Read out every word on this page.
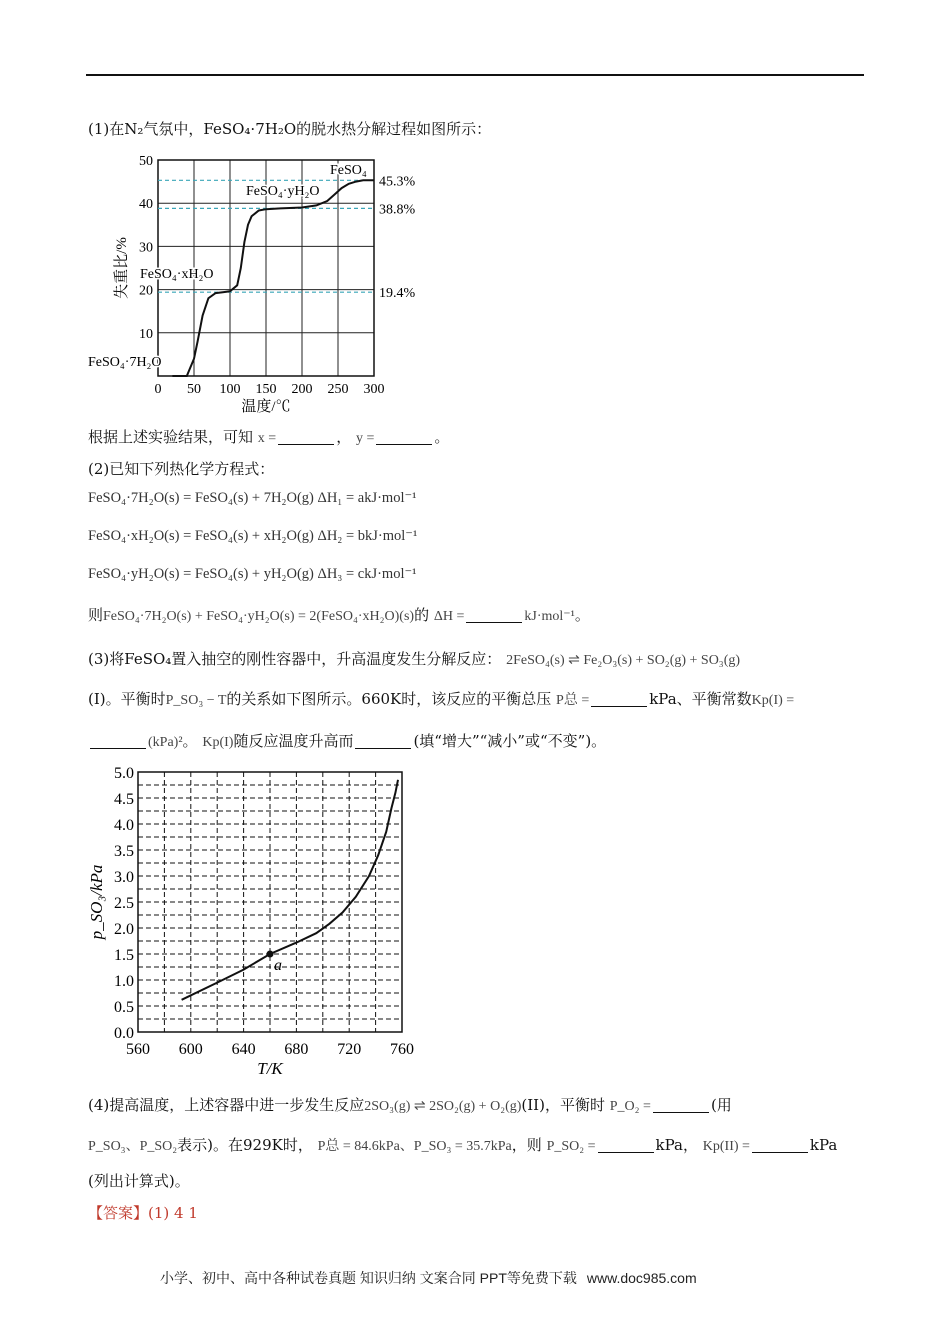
(1)在N₂气氛中，FeSO₄·7H₂O的脱水热分解过程如图所示：
0 50 100 150 200 250 300
10
20
30
40
50
45.3%
38.8%
19.4%
FeSO₄
FeSO₄·yH₂O
FeSO₄·xH₂O
FeSO₄·7H₂O
温度/℃
失重比/%
根据上述实验结果，可知 x =	， y =	。
(2)已知下列热化学方程式：
FeSO₄·7H₂O(s) = FeSO₄(s) + 7H₂O(g) ΔH₁ = akJ·mol⁻¹
FeSO₄·xH₂O(s) = FeSO₄(s) + xH₂O(g) ΔH₂ = bkJ·mol⁻¹
FeSO₄·yH₂O(s) = FeSO₄(s) + yH₂O(g) ΔH₃ = ckJ·mol⁻¹
则FeSO₄·7H₂O(s) + FeSO₄·yH₂O(s) = 2(FeSO₄·xH₂O)(s)的 ΔH =	kJ·mol⁻¹。
(3)将FeSO₄置入抽空的刚性容器中，升高温度发生分解反应： 2FeSO₄(s) ⇌ Fe₂O₃(s) + SO₂(g) + SO₃(g)
(I)。平衡时P_SO₃ − T的关系如下图所示。660K时，该反应的平衡总压 P总 =	kPa、平衡常数Kp(I) =
(kPa)²。 Kp(I)随反应温度升高而	(填“增大”“减小”或“不变”)。
560 600 640 680 720 760
0.0
0.5
1.0
1.5
2.0
2.5
3.0
3.5
4.0
4.5
5.0
a
T/K
p_SO₃/kPa
(4)提高温度，上述容器中进一步发生反应2SO₃(g) ⇌ 2SO₂(g) + O₂(g)(II)，平衡时 P_O₂ =	(用
P_SO₃、P_SO₂表示)。在929K时， P总 = 84.6kPa、P_SO₃ = 35.7kPa，则 P_SO₂ =	kPa， Kp(II) =	kPa
(列出计算式)。
【答案】(1) 4 1
小学、初中、高中各种试卷真题 知识归纳 文案合同 PPT等免费下载 www.doc985.com
